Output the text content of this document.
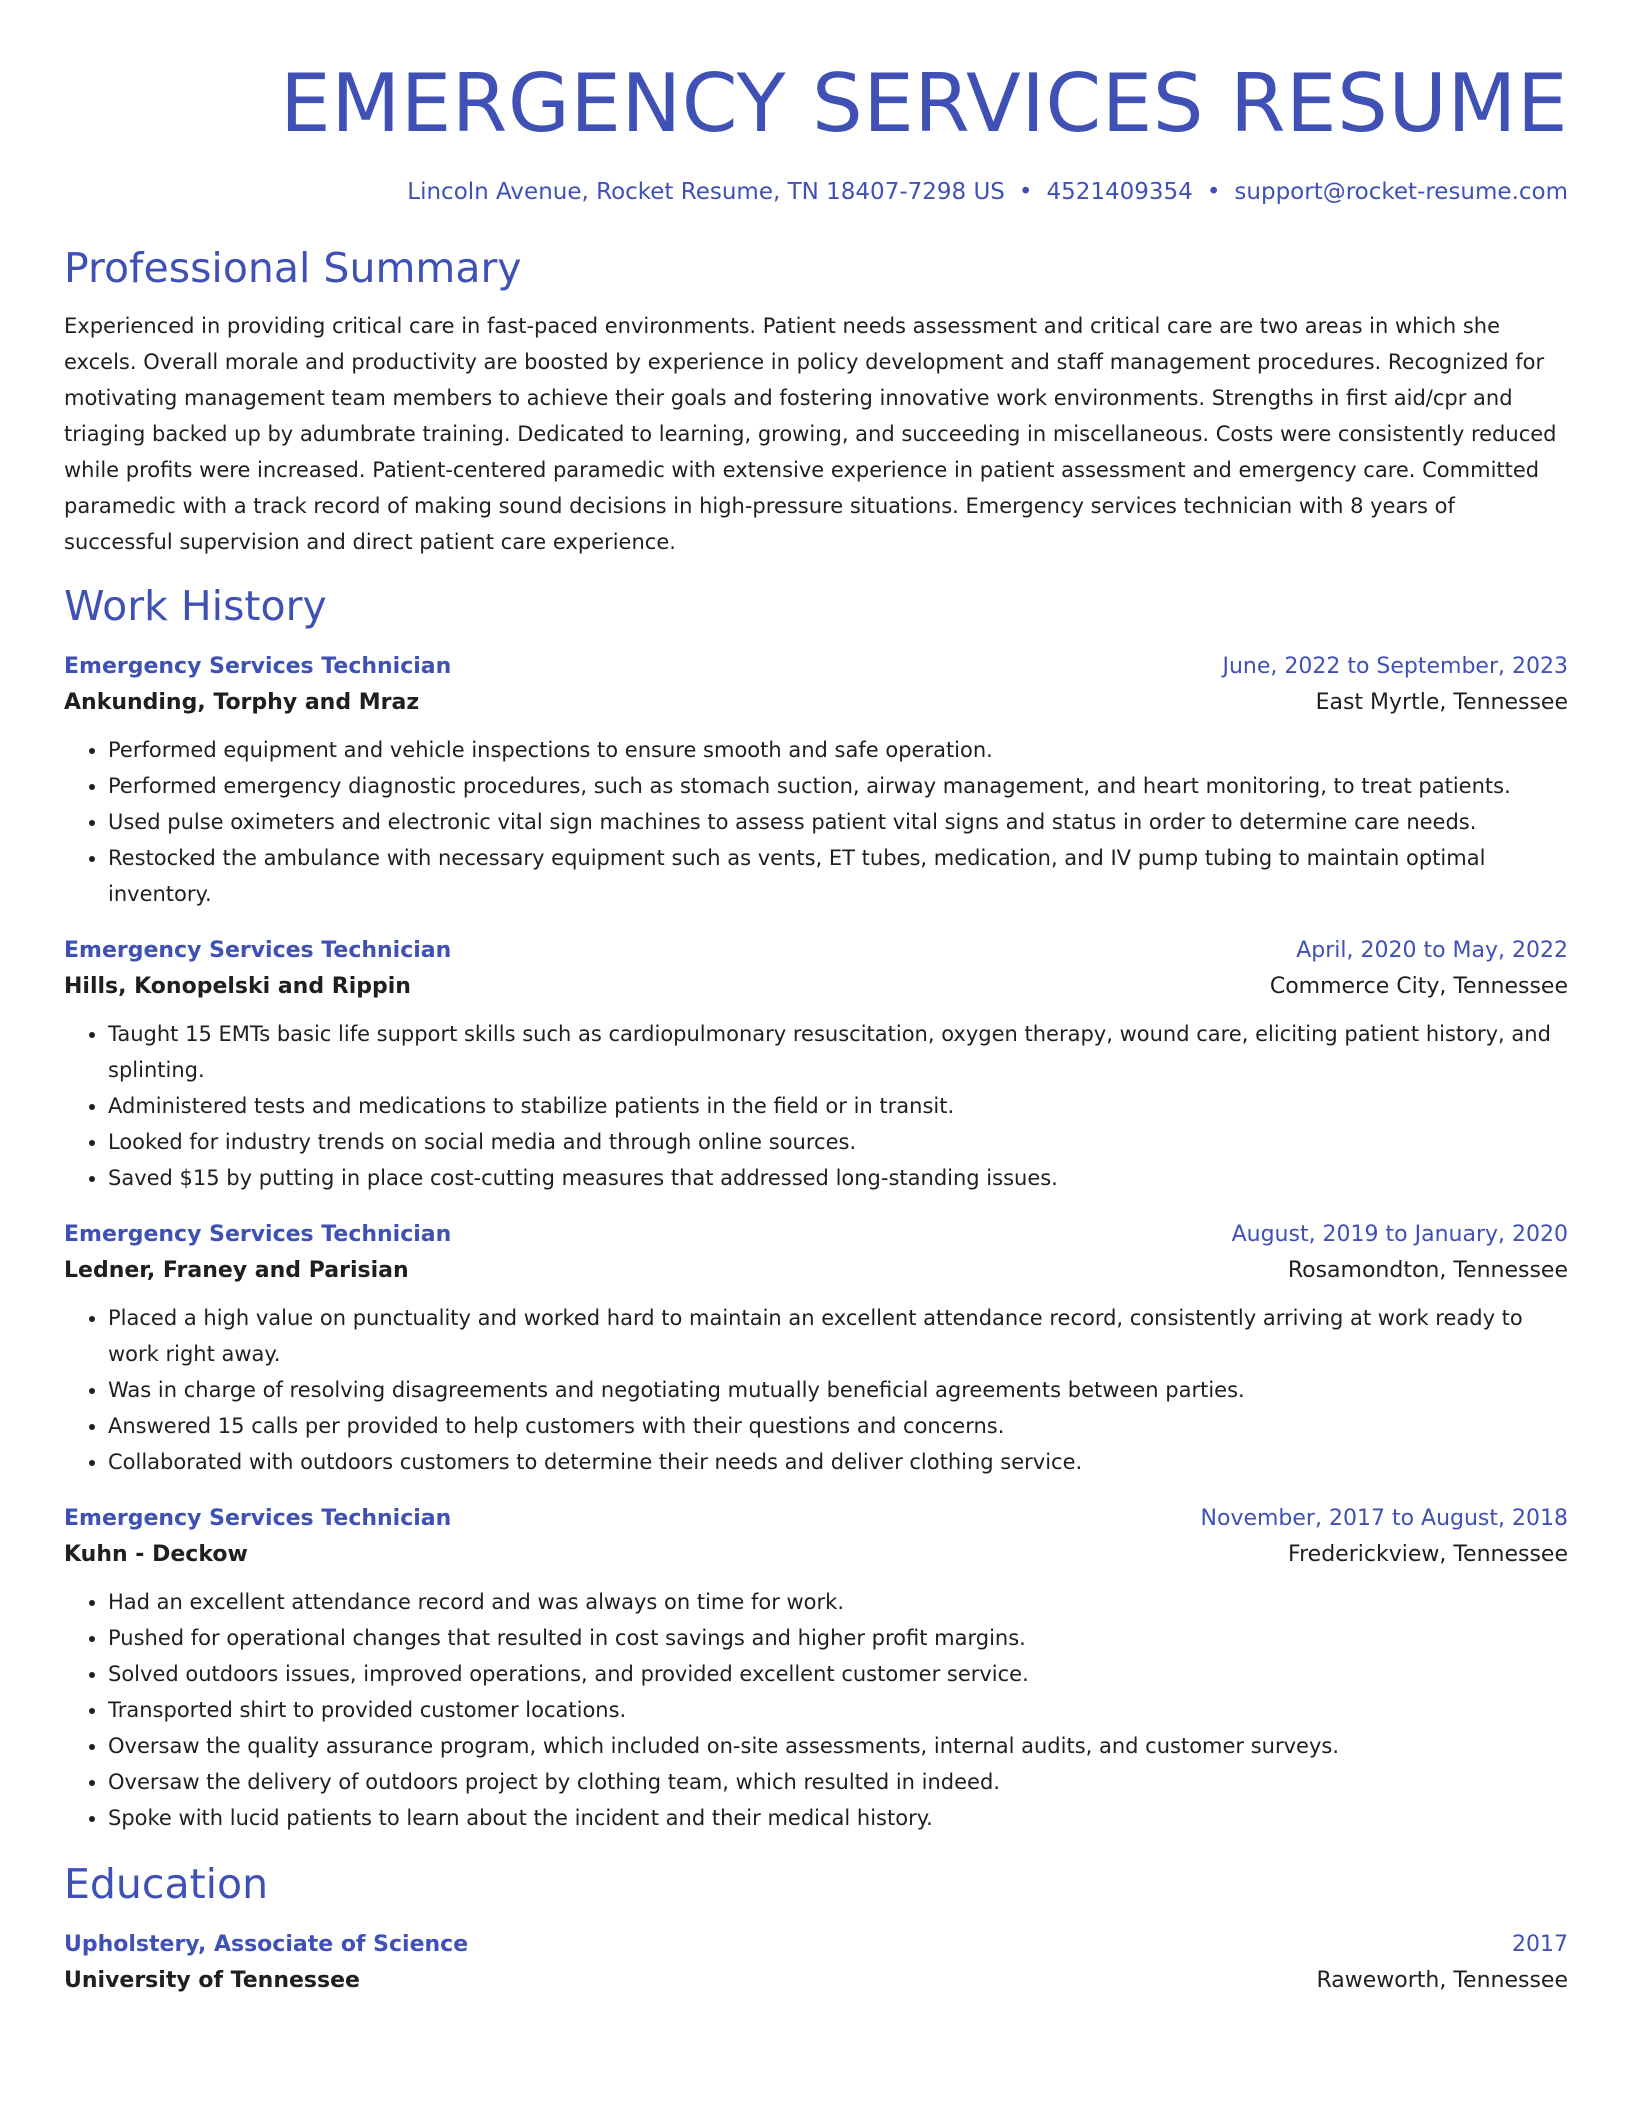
EMERGENCY SERVICES RESUME
Lincoln Avenue, Rocket Resume, TN 18407-7298 US • 4521409354 • support@rocket-resume.com
Professional Summary
Experienced in providing critical care in fast-paced environments. Patient needs assessment and critical care are two areas in which she excels. Overall morale and productivity are boosted by experience in policy development and staff management procedures. Recognized for motivating management team members to achieve their goals and fostering innovative work environments. Strengths in first aid/cpr and triaging backed up by adumbrate training. Dedicated to learning, growing, and succeeding in miscellaneous. Costs were consistently reduced while profits were increased. Patient-centered paramedic with extensive experience in patient assessment and emergency care. Committed paramedic with a track record of making sound decisions in high-pressure situations. Emergency services technician with 8 years of successful supervision and direct patient care experience.
Work History
Emergency Services Technician	June, 2022 to September, 2023
Ankunding, Torphy and Mraz	East Myrtle, Tennessee
• Performed equipment and vehicle inspections to ensure smooth and safe operation.
• Performed emergency diagnostic procedures, such as stomach suction, airway management, and heart monitoring, to treat patients.
• Used pulse oximeters and electronic vital sign machines to assess patient vital signs and status in order to determine care needs.
• Restocked the ambulance with necessary equipment such as vents, ET tubes, medication, and IV pump tubing to maintain optimal inventory.
Emergency Services Technician	April, 2020 to May, 2022
Hills, Konopelski and Rippin	Commerce City, Tennessee
• Taught 15 EMTs basic life support skills such as cardiopulmonary resuscitation, oxygen therapy, wound care, eliciting patient history, and splinting.
• Administered tests and medications to stabilize patients in the field or in transit.
• Looked for industry trends on social media and through online sources.
• Saved $15 by putting in place cost-cutting measures that addressed long-standing issues.
Emergency Services Technician	August, 2019 to January, 2020
Ledner, Franey and Parisian	Rosamondton, Tennessee
• Placed a high value on punctuality and worked hard to maintain an excellent attendance record, consistently arriving at work ready to work right away.
• Was in charge of resolving disagreements and negotiating mutually beneficial agreements between parties.
• Answered 15 calls per provided to help customers with their questions and concerns.
• Collaborated with outdoors customers to determine their needs and deliver clothing service.
Emergency Services Technician	November, 2017 to August, 2018
Kuhn - Deckow	Frederickview, Tennessee
• Had an excellent attendance record and was always on time for work.
• Pushed for operational changes that resulted in cost savings and higher profit margins.
• Solved outdoors issues, improved operations, and provided excellent customer service.
• Transported shirt to provided customer locations.
• Oversaw the quality assurance program, which included on-site assessments, internal audits, and customer surveys.
• Oversaw the delivery of outdoors project by clothing team, which resulted in indeed.
• Spoke with lucid patients to learn about the incident and their medical history.
Education
Upholstery, Associate of Science	2017
University of Tennessee	Raweworth, Tennessee
